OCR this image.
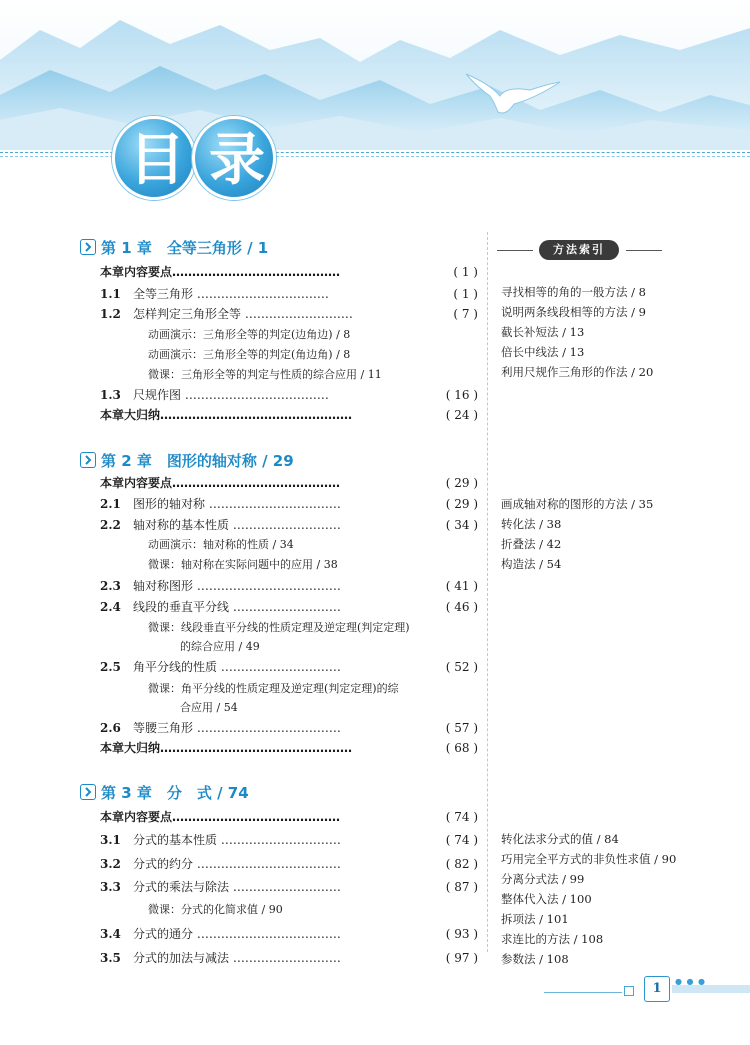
目 录
方法索引
寻找相等的角的一般方法 / 8
说明两条线段相等的方法 / 9
截长补短法 / 13
倍长中线法 / 13
利用尺规作三角形的作法 / 20
画成轴对称的图形的方法 / 35
转化法 / 38
折叠法 / 42
构造法 / 54
转化法求分式的值 / 84
巧用完全平方式的非负性求值 / 90
分离分式法 / 99
整体代入法 / 100
拆项法 / 101
求连比的方法 / 108
参数法 / 108
第 1 章　全等三角形 / 1
本章内容要点……………………………………	( 1 )
1.1 全等三角形 ……………………………	( 1 )
1.2 怎样判定三角形全等 ………………………	( 7 )
动画演示：三角形全等的判定(边角边) / 8
动画演示：三角形全等的判定(角边角) / 8
微课：三角形全等的判定与性质的综合应用 / 11
1.3 尺规作图 ………………………………	( 16 )
本章大归纳…………………………………………	( 24 )
第 2 章　图形的轴对称 / 29
本章内容要点……………………………………	( 29 )
2.1 图形的轴对称 ……………………………	( 29 )
2.2 轴对称的基本性质 ………………………	( 34 )
动画演示：轴对称的性质 / 34
微课：轴对称在实际问题中的应用 / 38
2.3 轴对称图形 ………………………………	( 41 )
2.4 线段的垂直平分线 ………………………	( 46 )
微课：线段垂直平分线的性质定理及逆定理(判定定理)
的综合应用 / 49
2.5 角平分线的性质 …………………………	( 52 )
微课：角平分线的性质定理及逆定理(判定定理)的综
合应用 / 54
2.6 等腰三角形 ………………………………	( 57 )
本章大归纳…………………………………………	( 68 )
第 3 章　分　式 / 74
本章内容要点……………………………………	( 74 )
3.1 分式的基本性质 …………………………	( 74 )
3.2 分式的约分 ………………………………	( 82 )
3.3 分式的乘法与除法 ………………………	( 87 )
微课：分式的化简求值 / 90
3.4 分式的通分 ………………………………	( 93 )
3.5 分式的加法与减法 ………………………	( 97 )
● ● ●
1
